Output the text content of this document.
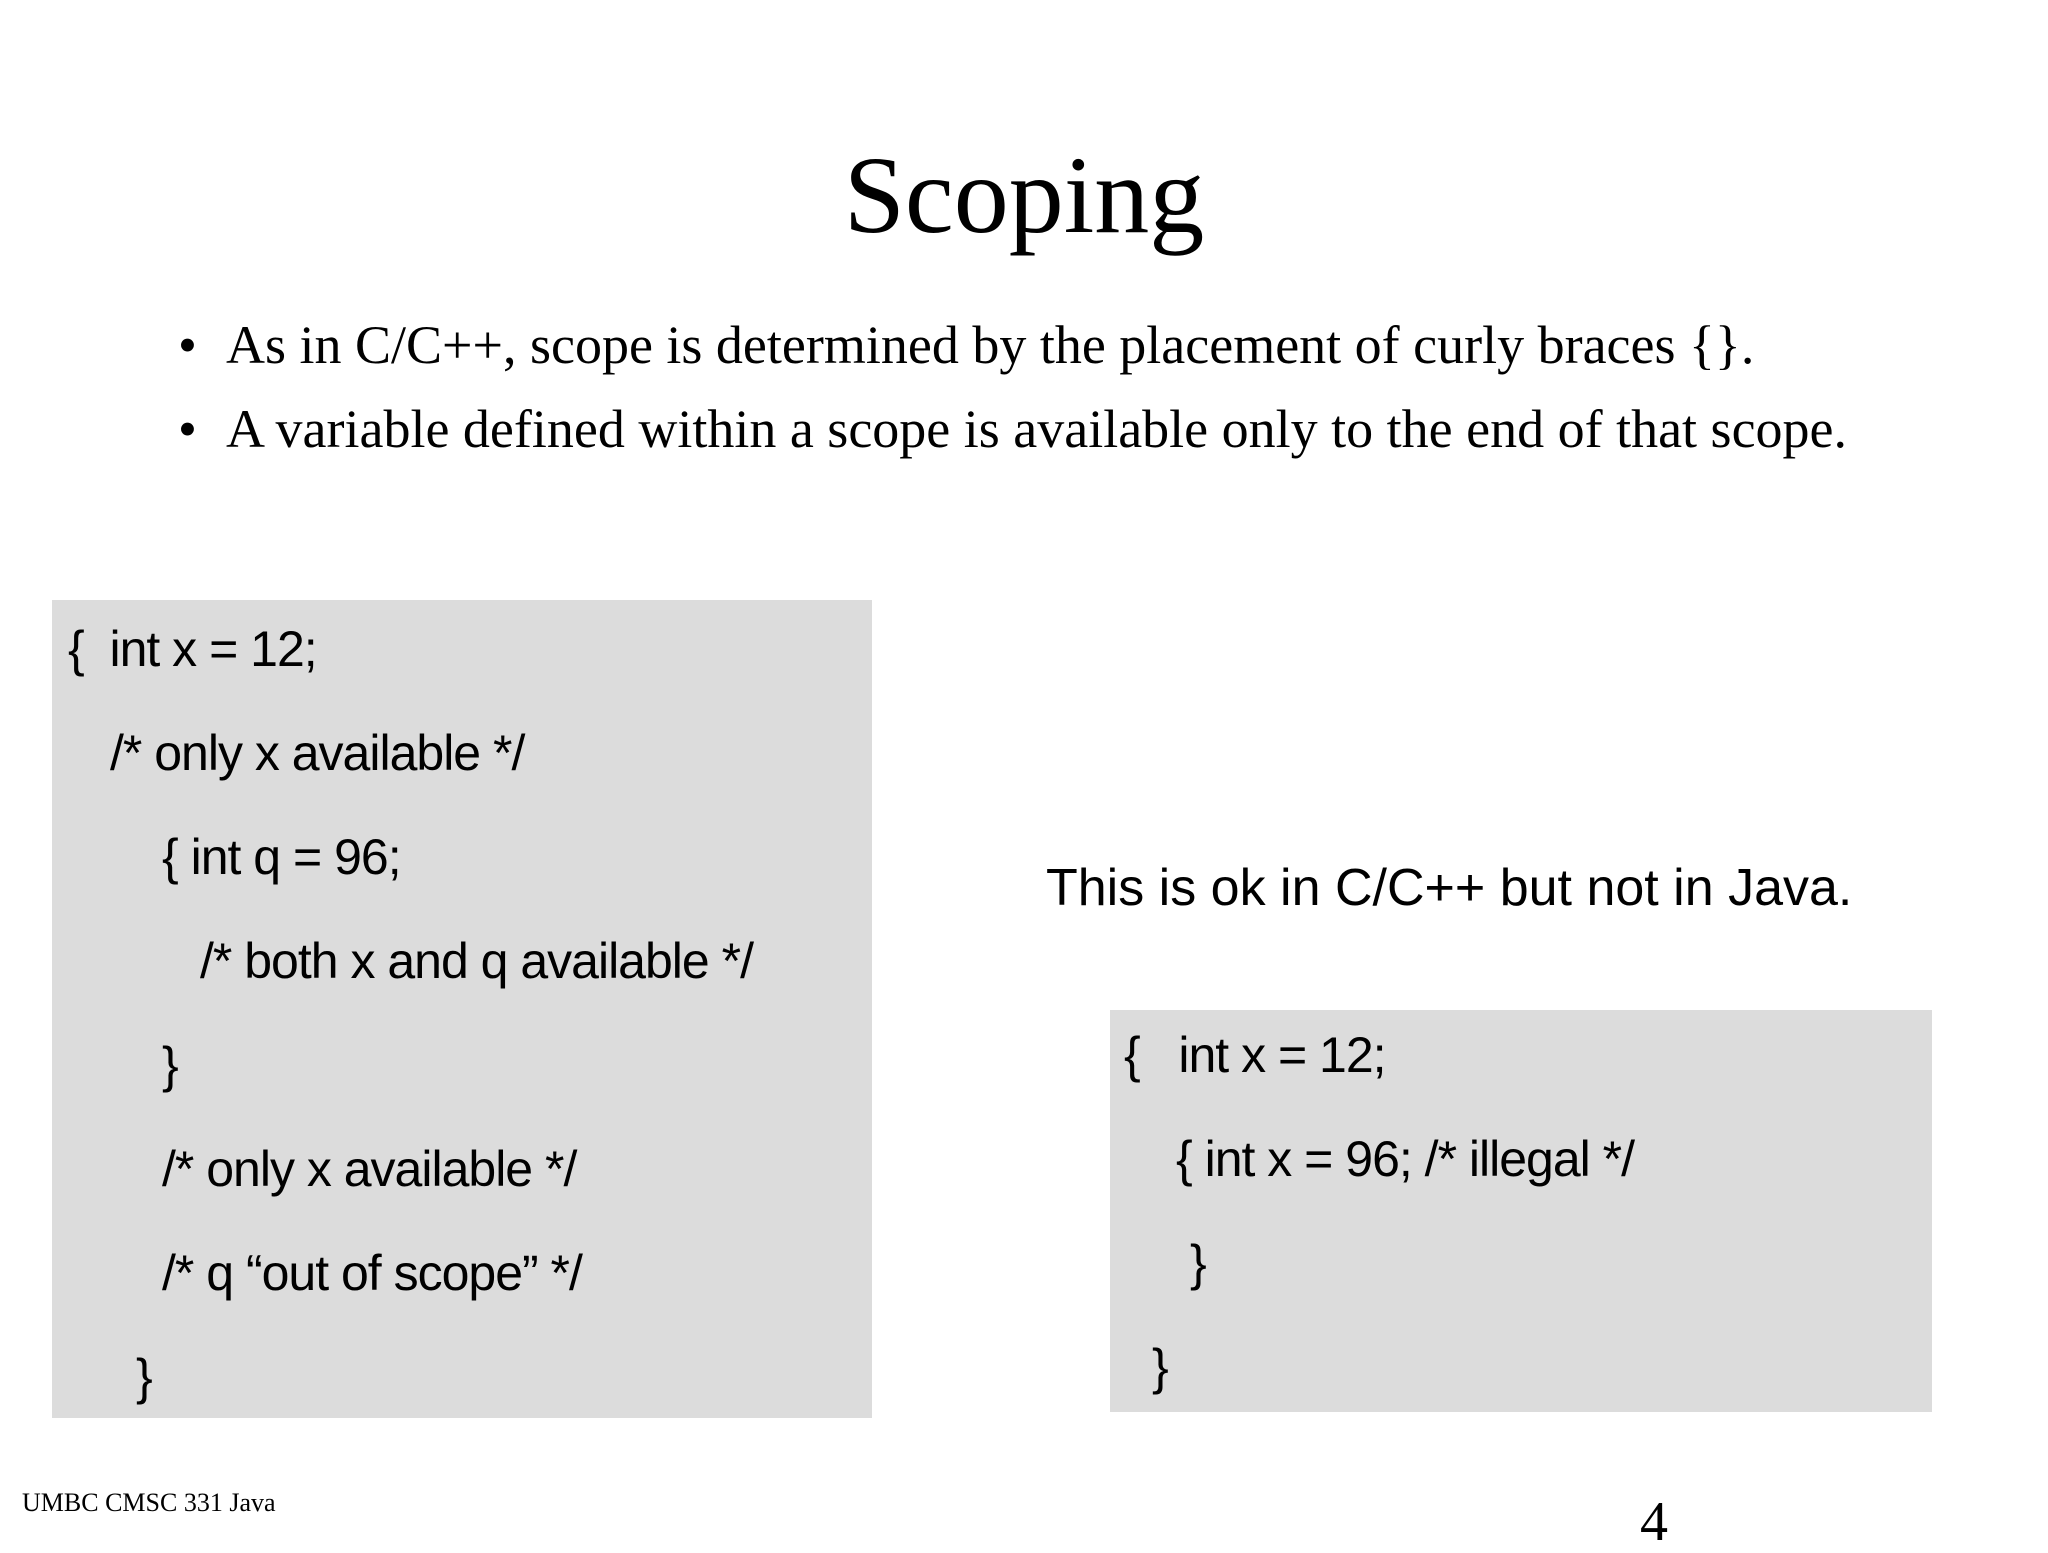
Scoping
• As in C/C++, scope is determined by the placement of curly braces {}.
• A variable defined within a scope is available only to the end of that scope.
{  int x = 12;
/* only x available */
{ int q = 96;
/* both x and q available */
}
/* only x available */
/* q “out of scope” */
}
This is ok in C/C++ but not in Java.
{   int x = 12;
{ int x = 96; /* illegal */
}
}
UMBC CMSC 331 Java	4
